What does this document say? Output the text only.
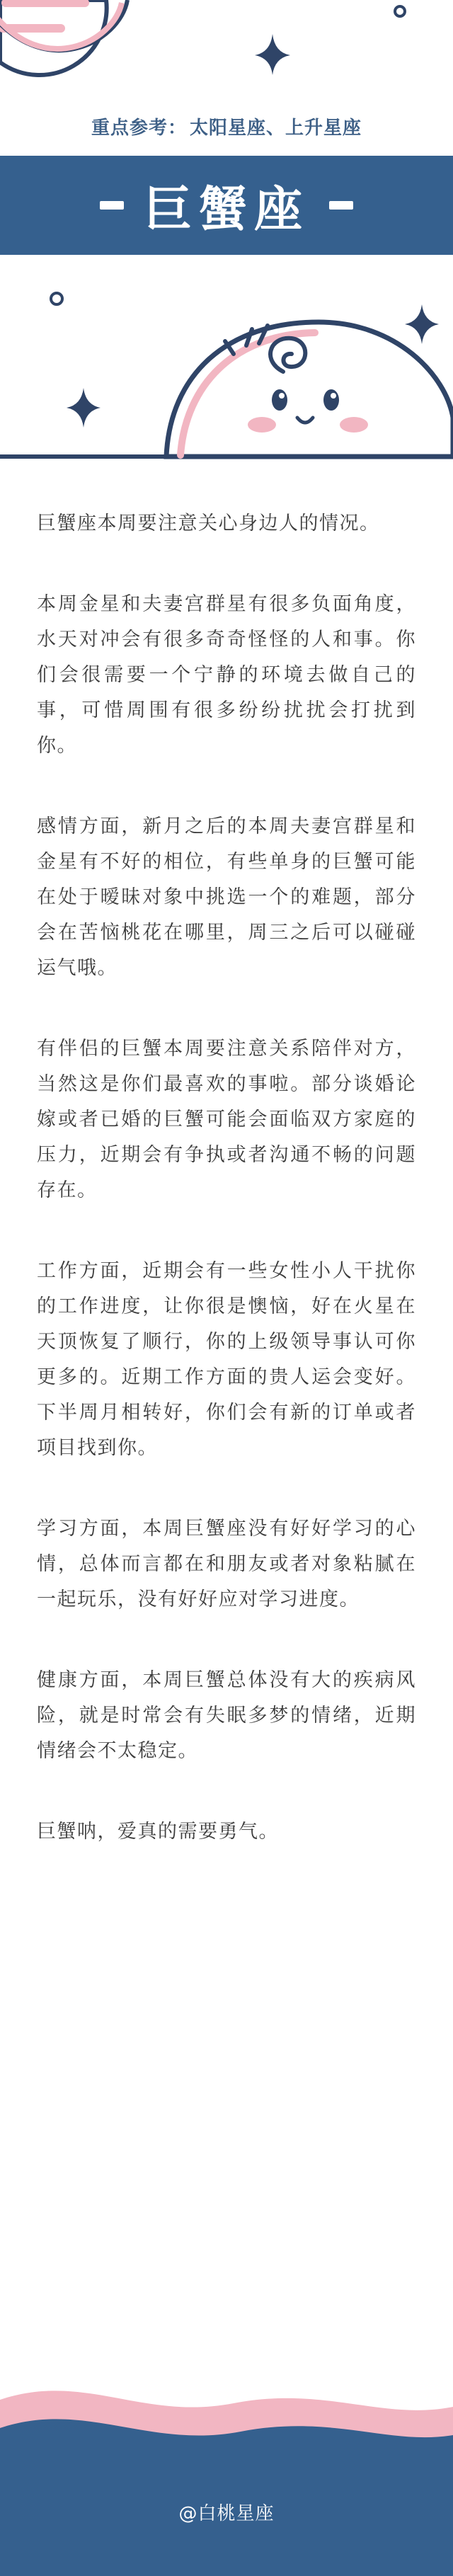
重点参考： 太阳星座、上升星座
巨蟹座

巨蟹座本周要注意关心身边人的情况。

本周金星和夫妻宫群星有很多负面角度，水天对冲会有很多奇奇怪怪的人和事。你们会很需要一个宁静的环境去做自己的事，可惜周围有很多纷纷扰扰会打扰到你。

感情方面，新月之后的本周夫妻宫群星和金星有不好的相位，有些单身的巨蟹可能在处于暧昧对象中挑选一个的难题，部分会在苦恼桃花在哪里，周三之后可以碰碰运气哦。

有伴侣的巨蟹本周要注意关系陪伴对方，当然这是你们最喜欢的事啦。部分谈婚论嫁或者已婚的巨蟹可能会面临双方家庭的压力，近期会有争执或者沟通不畅的问题存在。

工作方面，近期会有一些女性小人干扰你的工作进度，让你很是懊恼，好在火星在天顶恢复了顺行，你的上级领导事认可你更多的。近期工作方面的贵人运会变好。下半周月相转好，你们会有新的订单或者项目找到你。

学习方面，本周巨蟹座没有好好学习的心情，总体而言都在和朋友或者对象粘腻在一起玩乐，没有好好应对学习进度。

健康方面，本周巨蟹总体没有大的疾病风险，就是时常会有失眠多梦的情绪，近期情绪会不太稳定。

巨蟹呐，爱真的需要勇气。

@白桃星座
